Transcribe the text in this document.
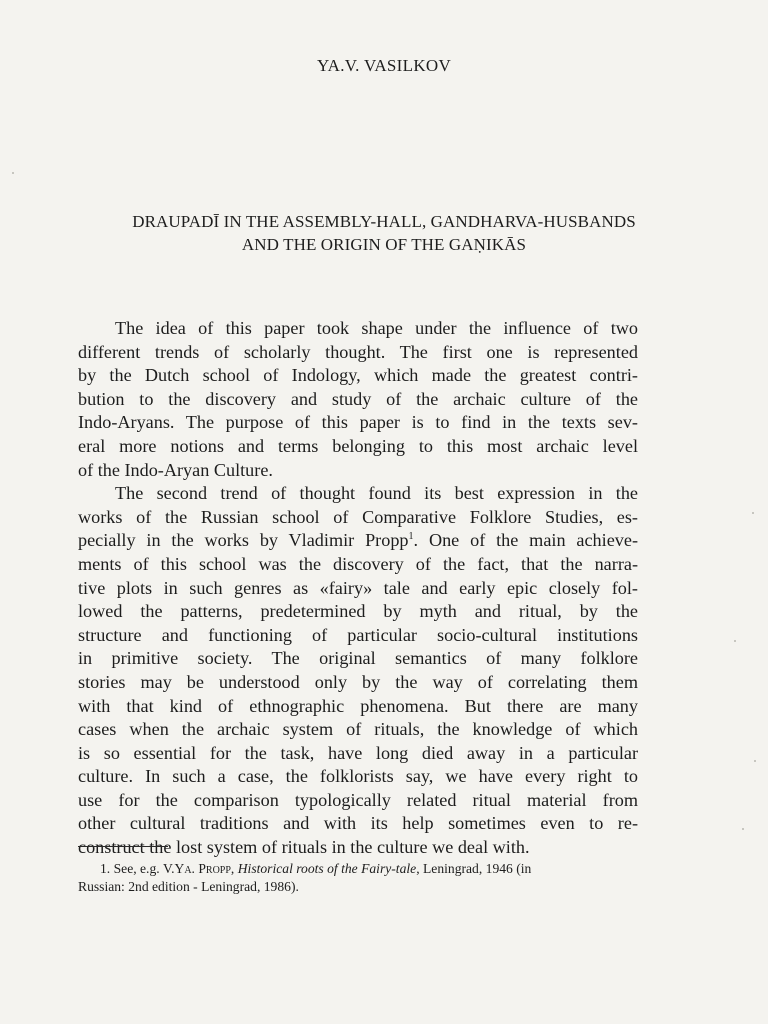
YA.V. VASILKOV
DRAUPADĪ IN THE ASSEMBLY-HALL, GANDHARVA-HUSBANDS
AND THE ORIGIN OF THE GAṆIKĀS
The idea of this paper took shape under the influence of two
different trends of scholarly thought. The first one is represented
by the Dutch school of Indology, which made the greatest contri-
bution to the discovery and study of the archaic culture of the
Indo-Aryans. The purpose of this paper is to find in the texts sev-
eral more notions and terms belonging to this most archaic level
of the Indo-Aryan Culture.
The second trend of thought found its best expression in the
works of the Russian school of Comparative Folklore Studies, es-
pecially in the works by Vladimir Propp$^1$. One of the main achieve-
ments of this school was the discovery of the fact, that the narra-
tive plots in such genres as «fairy» tale and early epic closely fol-
lowed the patterns, predetermined by myth and ritual, by the
structure and functioning of particular socio-cultural institutions
in primitive society. The original semantics of many folklore
stories may be understood only by the way of correlating them
with that kind of ethnographic phenomena. But there are many
cases when the archaic system of rituals, the knowledge of which
is so essential for the task, have long died away in a particular
culture. In such a case, the folklorists say, we have every right to
use for the comparison typologically related ritual material from
other cultural traditions and with its help sometimes even to re-
construct the lost system of rituals in the culture we deal with.
1. See, e.g. V.Ya. Propp, Historical roots of the Fairy-tale, Leningrad, 1946 (in
Russian: 2nd edition - Leningrad, 1986).
